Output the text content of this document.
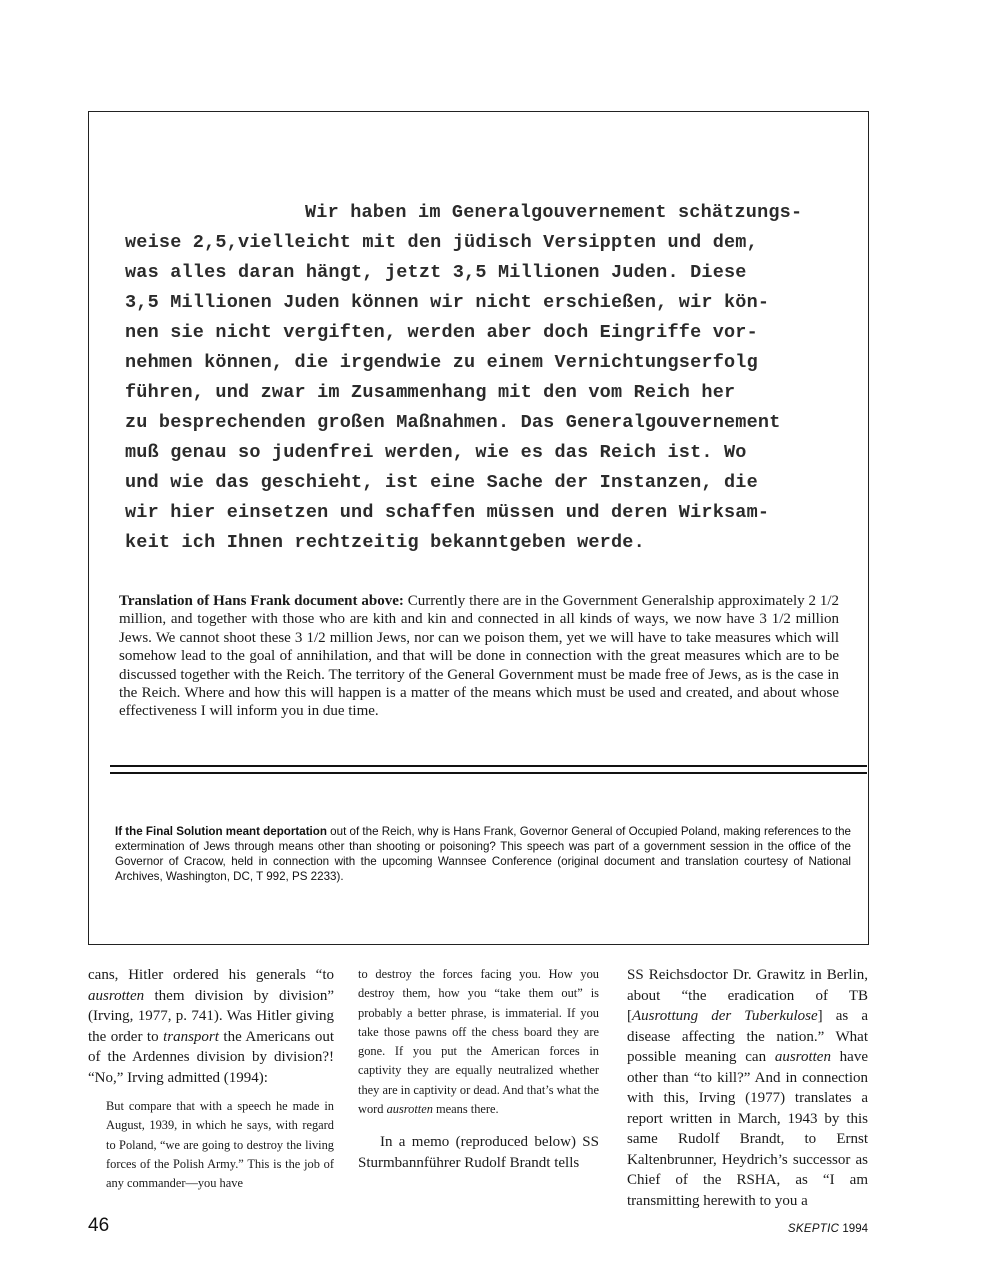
Wir haben im Generalgouvernement schätzungs-
weise 2,5,vielleicht mit den jüdisch Versippten und dem,
was alles daran hängt, jetzt 3,5 Millionen Juden. Diese
3,5 Millionen Juden können wir nicht erschießen, wir kön-
nen sie nicht vergiften, werden aber doch Eingriffe vor-
nehmen können, die irgendwie zu einem Vernichtungserfolg
führen, und zwar im Zusammenhang mit den vom Reich her
zu besprechenden großen Maßnahmen. Das Generalgouvernement
muß genau so judenfrei werden, wie es das Reich ist. Wo
und wie das geschieht, ist eine Sache der Instanzen, die
wir hier einsetzen und schaffen müssen und deren Wirksam-
keit ich Ihnen rechtzeitig bekanntgeben werde.

Translation of Hans Frank document above: Currently there are in the Government Generalship approximately 2 1/2 million, and together with those who are kith and kin and connected in all kinds of ways, we now have 3 1/2 million Jews. We cannot shoot these 3 1/2 million Jews, nor can we poison them, yet we will have to take measures which will somehow lead to the goal of annihilation, and that will be done in connection with the great measures which are to be discussed together with the Reich. The territory of the General Government must be made free of Jews, as is the case in the Reich. Where and how this will happen is a matter of the means which must be used and created, and about whose effectiveness I will inform you in due time.

If the Final Solution meant deportation out of the Reich, why is Hans Frank, Governor General of Occupied Poland, making references to the extermination of Jews through means other than shooting or poisoning? This speech was part of a government session in the office of the Governor of Cracow, held in connection with the upcoming Wannsee Conference (original document and translation courtesy of National Archives, Washington, DC, T 992, PS 2233).

cans, Hitler ordered his generals “to ausrotten them division by division” (Irving, 1977, p. 741). Was Hitler giving the order to transport the Americans out of the Ardennes division by division?! “No,” Irving admitted (1994):

But compare that with a speech he made in August, 1939, in which he says, with regard to Poland, “we are going to destroy the living forces of the Polish Army.” This is the job of any commander—you have

to destroy the forces facing you. How you destroy them, how you “take them out” is probably a better phrase, is immaterial. If you take those pawns off the chess board they are gone. If you put the American forces in captivity they are equally neutralized whether they are in captivity or dead. And that’s what the word ausrotten means there.

In a memo (reproduced below) SS Sturmbannführer Rudolf Brandt tells

SS Reichsdoctor Dr. Grawitz in Berlin, about “the eradication of TB [Ausrottung der Tuberkulose] as a disease affecting the nation.” What possible meaning can ausrotten have other than “to kill?” And in connection with this, Irving (1977) translates a report written in March, 1943 by this same Rudolf Brandt, to Ernst Kaltenbrunner, Heydrich’s successor as Chief of the RSHA, as “I am transmitting herewith to you a

46	SKEPTIC 1994
